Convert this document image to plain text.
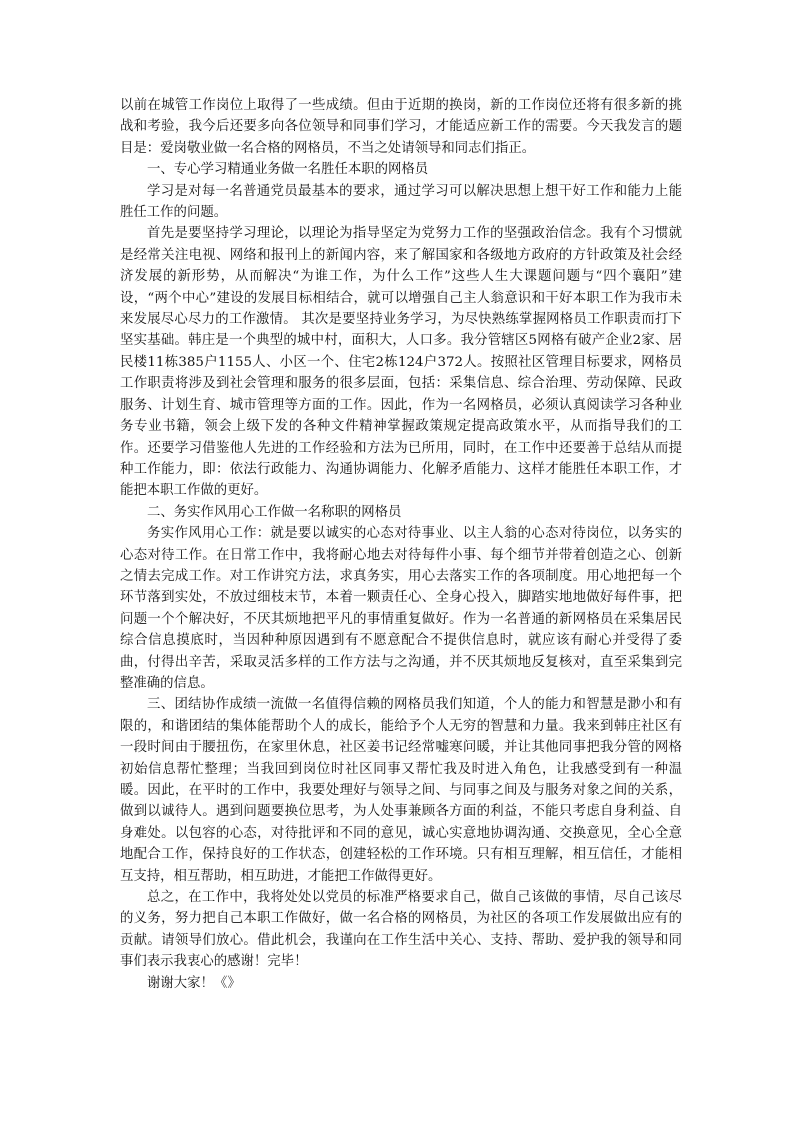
以前在城管工作岗位上取得了一些成绩。但由于近期的换岗，新的工作岗位还将有很多新的挑战和考验，我今后还要多向各位领导和同事们学习，才能适应新工作的需要。今天我发言的题目是：爱岗敬业做一名合格的网格员，不当之处请领导和同志们指正。

一、专心学习精通业务做一名胜任本职的网格员

学习是对每一名普通党员最基本的要求，通过学习可以解决思想上想干好工作和能力上能胜任工作的问题。

首先是要坚持学习理论，以理论为指导坚定为党努力工作的坚强政治信念。我有个习惯就是经常关注电视、网络和报刊上的新闻内容，来了解国家和各级地方政府的方针政策及社会经济发展的新形势，从而解决“为谁工作，为什么工作”这些人生大课题问题与“四个襄阳”建设，“两个中心”建设的发展目标相结合，就可以增强自己主人翁意识和干好本职工作为我市未来发展尽心尽力的工作激情。 其次是要坚持业务学习，为尽快熟练掌握网格员工作职责而打下坚实基础。韩庄是一个典型的城中村，面积大，人口多。我分管辖区5网格有破产企业2家、居民楼11栋385户1155人、小区一个、住宅2栋124户372人。按照社区管理目标要求，网格员工作职责将涉及到社会管理和服务的很多层面，包括：采集信息、综合治理、劳动保障、民政服务、计划生育、城市管理等方面的工作。因此，作为一名网格员，必须认真阅读学习各种业务专业书籍，领会上级下发的各种文件精神掌握政策规定提高政策水平，从而指导我们的工作。还要学习借鉴他人先进的工作经验和方法为已所用，同时，在工作中还要善于总结从而提种工作能力，即：依法行政能力、沟通协调能力、化解矛盾能力、这样才能胜任本职工作，才能把本职工作做的更好。

二、务实作风用心工作做一名称职的网格员

务实作风用心工作：就是要以诚实的心态对待事业、以主人翁的心态对待岗位，以务实的心态对待工作。在日常工作中，我将耐心地去对待每件小事、每个细节并带着创造之心、创新之情去完成工作。对工作讲究方法，求真务实，用心去落实工作的各项制度。用心地把每一个环节落到实处，不放过细枝末节，本着一颗责任心、全身心投入，脚踏实地地做好每件事，把问题一个个解决好，不厌其烦地把平凡的事情重复做好。作为一名普通的新网格员在采集居民综合信息摸底时，当因种种原因遇到有不愿意配合不提供信息时，就应该有耐心并受得了委曲，付得出辛苦，采取灵活多样的工作方法与之沟通，并不厌其烦地反复核对，直至采集到完整准确的信息。

三、团结协作成绩一流做一名值得信赖的网格员我们知道，个人的能力和智慧是渺小和有限的，和谐团结的集体能帮助个人的成长，能给予个人无穷的智慧和力量。我来到韩庄社区有一段时间由于腰扭伤，在家里休息，社区姜书记经常嘘寒问暖，并让其他同事把我分管的网格初始信息帮忙整理；当我回到岗位时社区同事又帮忙我及时进入角色，让我感受到有一种温暖。因此，在平时的工作中，我要处理好与领导之间、与同事之间及与服务对象之间的关系，做到以诚待人。遇到问题要换位思考，为人处事兼顾各方面的利益，不能只考虑自身利益、自身难处。以包容的心态，对待批评和不同的意见，诚心实意地协调沟通、交换意见，全心全意地配合工作，保持良好的工作状态，创建轻松的工作环境。只有相互理解，相互信任，才能相互支持，相互帮助，相互助进，才能把工作做得更好。

总之，在工作中，我将处处以党员的标准严格要求自己，做自己该做的事情，尽自己该尽的义务，努力把自己本职工作做好，做一名合格的网格员，为社区的各项工作发展做出应有的贡献。请领导们放心。借此机会，我谨向在工作生活中关心、支持、帮助、爱护我的领导和同事们表示我衷心的感谢！完毕！

谢谢大家！《》
